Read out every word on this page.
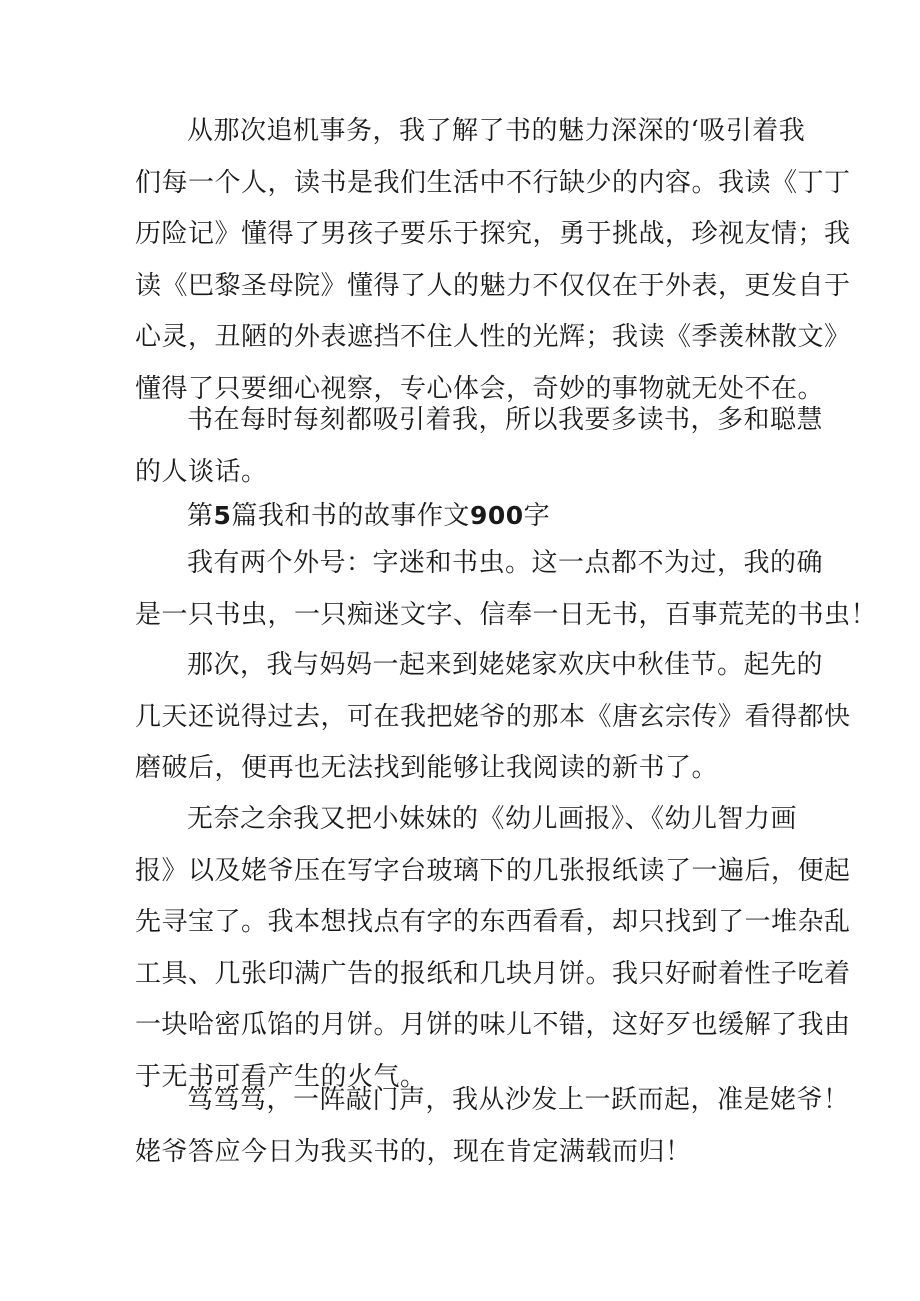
从那次追机事务，我了解了书的魅力深深的‘吸引着我
们每一个人，读书是我们生活中不行缺少的内容。我读《丁丁
历险记》懂得了男孩子要乐于探究，勇于挑战，珍视友情；我
读《巴黎圣母院》懂得了人的魅力不仅仅在于外表，更发自于
心灵，丑陋的外表遮挡不住人性的光辉；我读《季羡林散文》
懂得了只要细心视察，专心体会，奇妙的事物就无处不在。
书在每时每刻都吸引着我，所以我要多读书，多和聪慧
的人谈话。
第5篇我和书的故事作文900字
我有两个外号：字迷和书虫。这一点都不为过，我的确
是一只书虫，一只痴迷文字、信奉一日无书，百事荒芜的书虫！
那次，我与妈妈一起来到姥姥家欢庆中秋佳节。起先的
几天还说得过去，可在我把姥爷的那本《唐玄宗传》看得都快
磨破后，便再也无法找到能够让我阅读的新书了。
无奈之余我又把小妹妹的《幼儿画报》、《幼儿智力画
报》以及姥爷压在写字台玻璃下的几张报纸读了一遍后，便起
先寻宝了。我本想找点有字的东西看看，却只找到了一堆杂乱
工具、几张印满广告的报纸和几块月饼。我只好耐着性子吃着
一块哈密瓜馅的月饼。月饼的味儿不错，这好歹也缓解了我由
于无书可看产生的火气。
笃笃笃，一阵敲门声，我从沙发上一跃而起，准是姥爷！
姥爷答应今日为我买书的，现在肯定满载而归！
